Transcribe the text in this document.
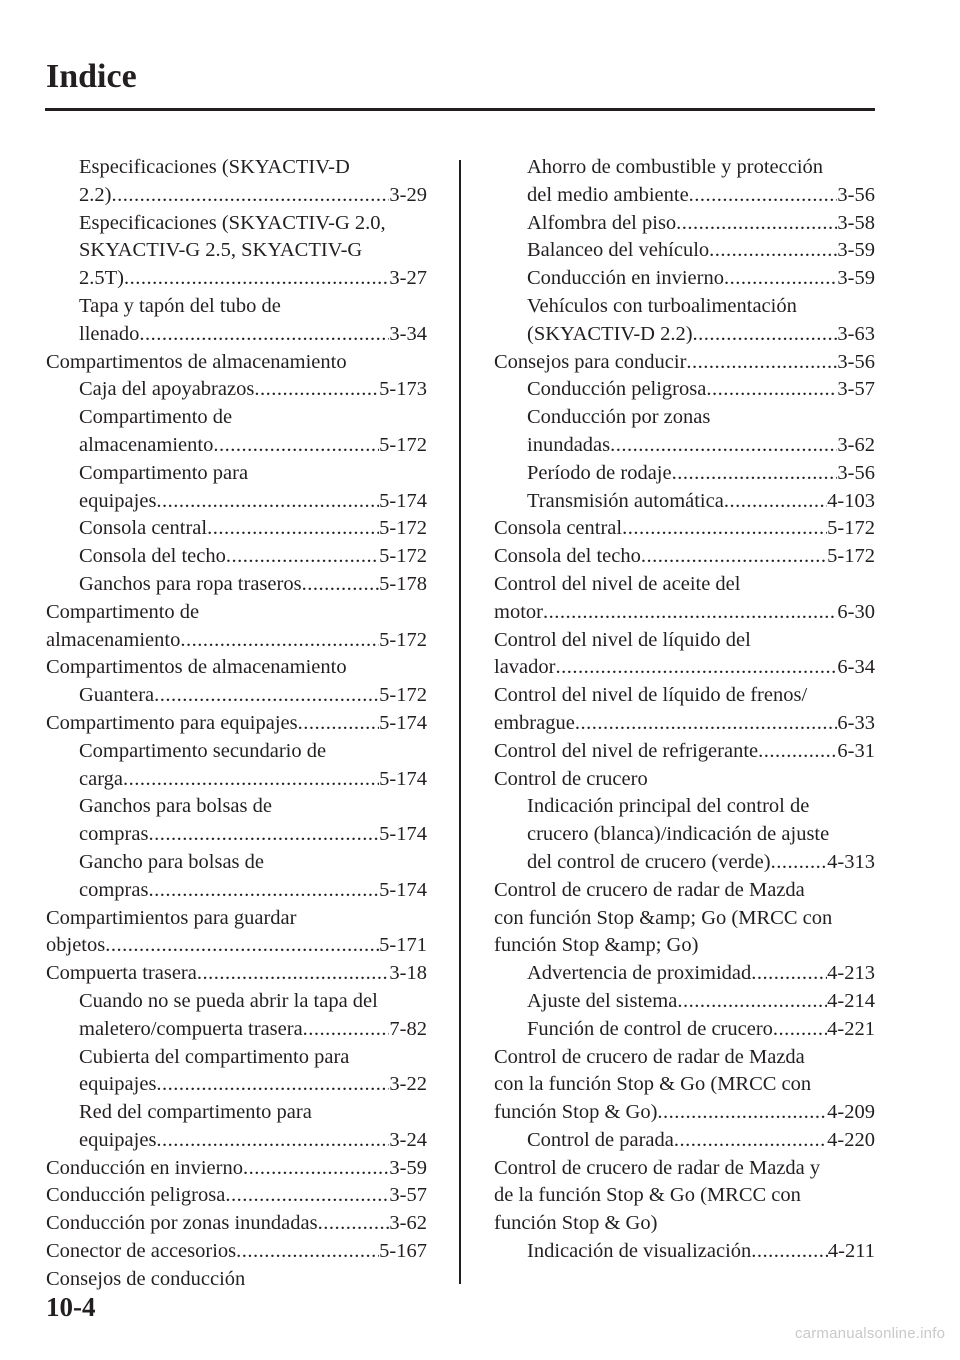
Indice
Especificaciones (SKYACTIV-D
2.2) .....	3-29
Especificaciones (SKYACTIV-G 2.0,
SKYACTIV-G 2.5, SKYACTIV-G
2.5T) .....	3-27
Tapa y tapón del tubo de
llenado .....	3-34
Compartimentos de almacenamiento
Caja del apoyabrazos .....	5-173
Compartimento de
almacenamiento .....	5-172
Compartimento para
equipajes .....	5-174
Consola central .....	5-172
Consola del techo .....	5-172
Ganchos para ropa traseros .....	5-178
Compartimento de
almacenamiento .....	5-172
Compartimentos de almacenamiento
Guantera .....	5-172
Compartimento para equipajes .....	5-174
Compartimento secundario de
carga .....	5-174
Ganchos para bolsas de
compras .....	5-174
Gancho para bolsas de
compras .....	5-174
Compartimientos para guardar
objetos .....	5-171
Compuerta trasera .....	3-18
Cuando no se pueda abrir la tapa del
maletero/compuerta trasera .....	7-82
Cubierta del compartimento para
equipajes .....	3-22
Red del compartimento para
equipajes .....	3-24
Conducción en invierno .....	3-59
Conducción peligrosa .....	3-57
Conducción por zonas inundadas .....	3-62
Conector de accesorios .....	5-167
Consejos de conducción
Ahorro de combustible y protección
del medio ambiente .....	3-56
Alfombra del piso .....	3-58
Balanceo del vehículo .....	3-59
Conducción en invierno .....	3-59
Vehículos con turboalimentación
(SKYACTIV-D 2.2) .....	3-63
Consejos para conducir .....	3-56
Conducción peligrosa .....	3-57
Conducción por zonas
inundadas .....	3-62
Período de rodaje .....	3-56
Transmisión automática .....	4-103
Consola central .....	5-172
Consola del techo .....	5-172
Control del nivel de aceite del
motor .....	6-30
Control del nivel de líquido del
lavador .....	6-34
Control del nivel de líquido de frenos/
embrague .....	6-33
Control del nivel de refrigerante .....	6-31
Control de crucero
Indicación principal del control de
crucero (blanca)/indicación de ajuste
del control de crucero (verde) .....	4-313
Control de crucero de radar de Mazda
con función Stop &amp; Go (MRCC con
función Stop &amp; Go)
Advertencia de proximidad .....	4-213
Ajuste del sistema .....	4-214
Función de control de crucero .....	4-221
Control de crucero de radar de Mazda
con la función Stop & Go (MRCC con
función Stop & Go) .....	4-209
Control de parada .....	4-220
Control de crucero de radar de Mazda y
de la función Stop & Go (MRCC con
función Stop & Go)
Indicación de visualización .....	4-211
10-4
carmanualsonline.info
